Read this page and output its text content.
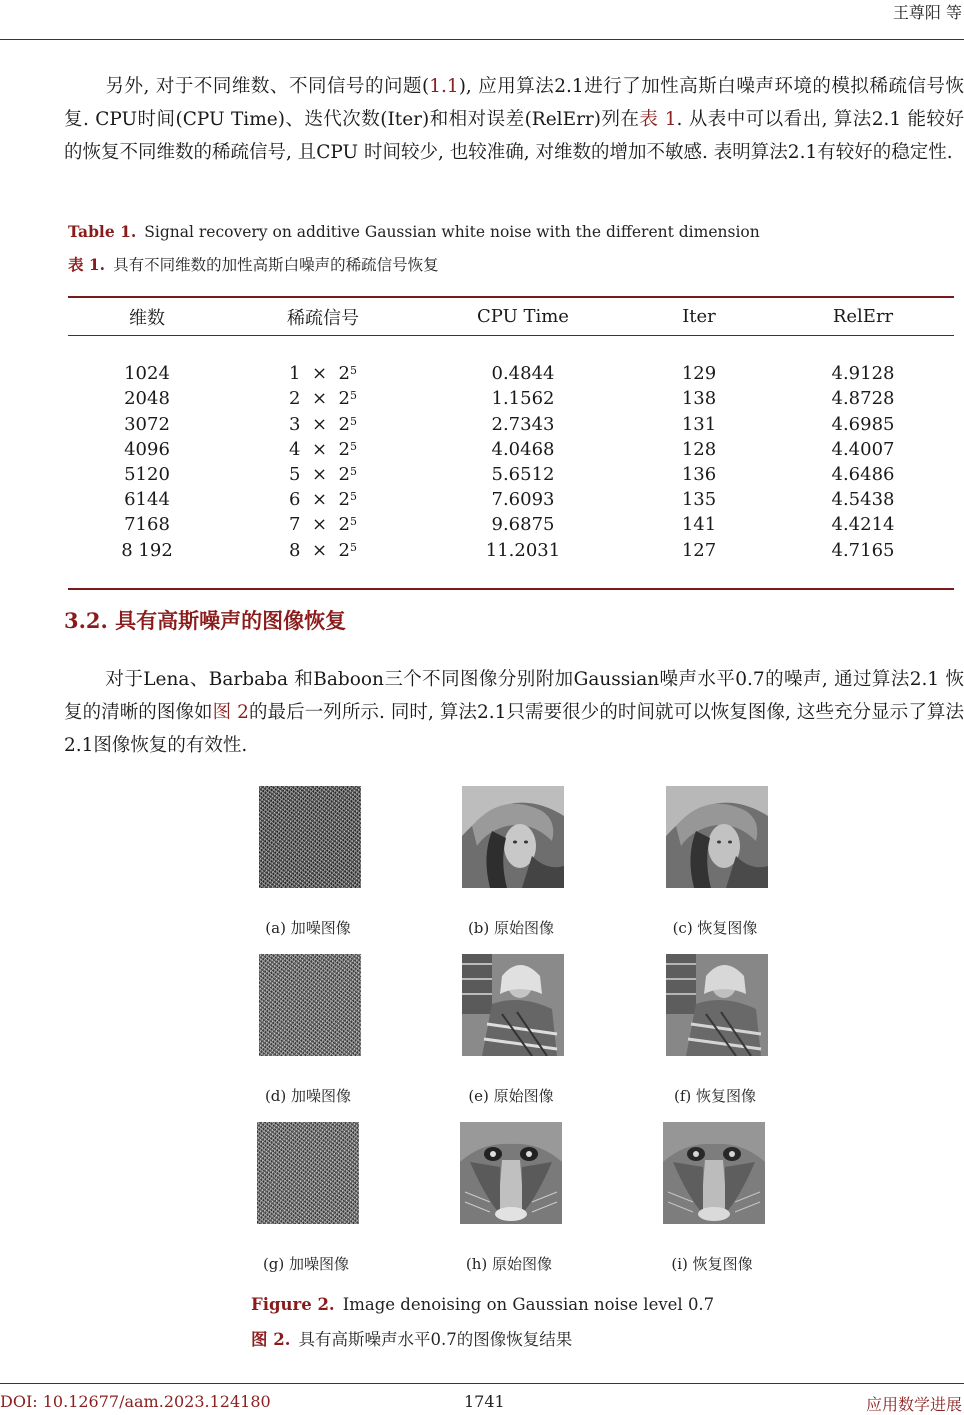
王尊阳 等

另外, 对于不同维数、不同信号的问题(1.1), 应用算法2.1进行了加性高斯白噪声环境的模拟稀疏信号恢复. CPU时间(CPU Time)、迭代次数(Iter)和相对误差(RelErr)列在表 1. 从表中可以看出, 算法2.1 能较好的恢复不同维数的稀疏信号, 且CPU 时间较少, 也较准确, 对维数的增加不敏感. 表明算法2.1有较好的稳定性.

Table 1. Signal recovery on additive Gaussian white noise with the different dimension
表 1. 具有不同维数的加性高斯白噪声的稀疏信号恢复
维数	稀疏信号	CPU Time	Iter	RelErr

1024	$1 \times 2^5$	0.4844	129	4.9128
2048	$2 \times 2^5$	1.1562	138	4.8728
3072	$3 \times 2^5$	2.7343	131	4.6985
4096	$4 \times 2^5$	4.0468	128	4.4007
5120	$5 \times 2^5$	5.6512	136	4.6486
6144	$6 \times 2^5$	7.6093	135	4.5438
7168	$7 \times 2^5$	9.6875	141	4.4214
8 192	$8 \times 2^5$	11.2031	127	4.7165

3.2. 具有高斯噪声的图像恢复

对于Lena、Barbaba 和Baboon三个不同图像分别附加Gaussian噪声水平0.7的噪声, 通过算法2.1 恢复的清晰的图像如图 2的最后一列所示. 同时, 算法2.1只需要很少的时间就可以恢复图像, 这些充分显示了算法2.1图像恢复的有效性.

(a) 加噪图像	(b) 原始图像	(c) 恢复图像
(d) 加噪图像	(e) 原始图像	(f) 恢复图像
(g) 加噪图像	(h) 原始图像	(i) 恢复图像
Figure 2. Image denoising on Gaussian noise level 0.7
图 2. 具有高斯噪声水平0.7的图像恢复结果
DOI: 10.12677/aam.2023.124180	1741	应用数学进展
